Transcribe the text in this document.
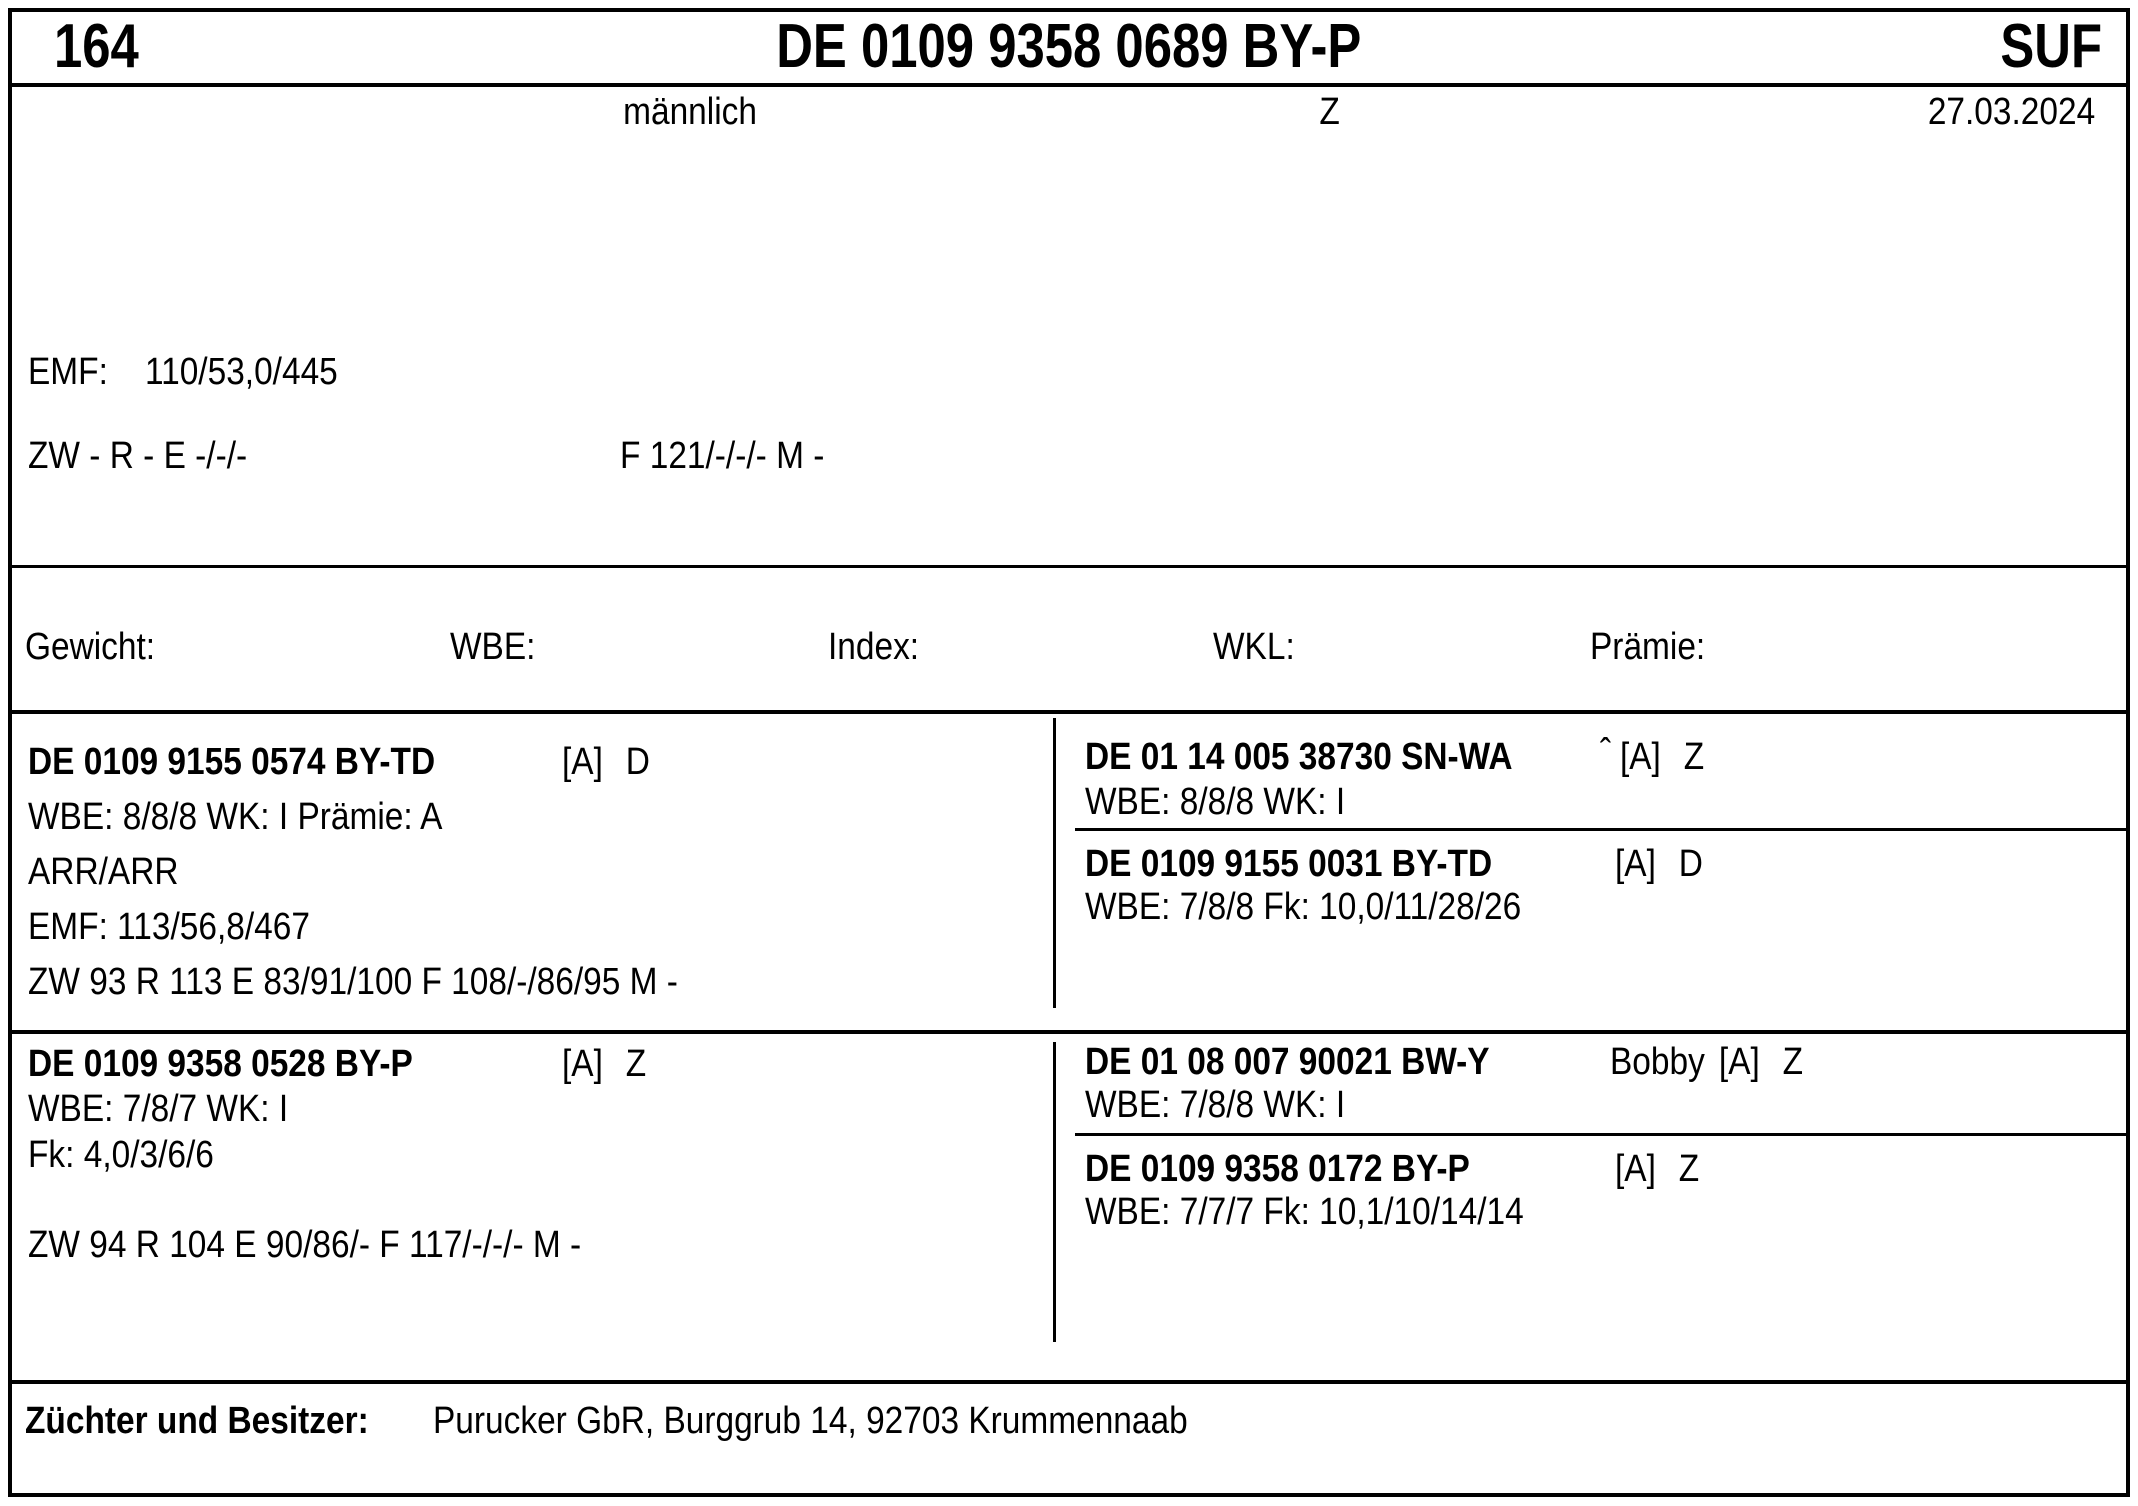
164	DE 0109 9358 0689 BY-P	SUF
männlich	Z	27.03.2024
EMF: 110/53,0/445
ZW - R - E -/-/-	F 121/-/-/- M -
Gewicht:	WBE:	Index:	WKL:	Prämie:
DE 0109 9155 0574 BY-TD	[A] D
WBE: 8/8/8 WK: I Prämie: A
ARR/ARR
EMF: 113/56,8/467
ZW 93 R 113 E 83/91/100 F 108/-/86/95 M -
DE 01 14 005 38730 SN-WA	ˆ [A] Z
WBE: 8/8/8 WK: I
DE 0109 9155 0031 BY-TD	[A] D
WBE: 7/8/8 Fk: 10,0/11/28/26
DE 0109 9358 0528 BY-P	[A] Z
WBE: 7/8/7 WK: I
Fk: 4,0/3/6/6
ZW 94 R 104 E 90/86/- F 117/-/-/- M -
DE 01 08 007 90021 BW-Y	Bobby [A] Z
WBE: 7/8/8 WK: I
DE 0109 9358 0172 BY-P	[A] Z
WBE: 7/7/7 Fk: 10,1/10/14/14
Züchter und Besitzer:	Purucker GbR, Burggrub 14, 92703 Krummennaab
